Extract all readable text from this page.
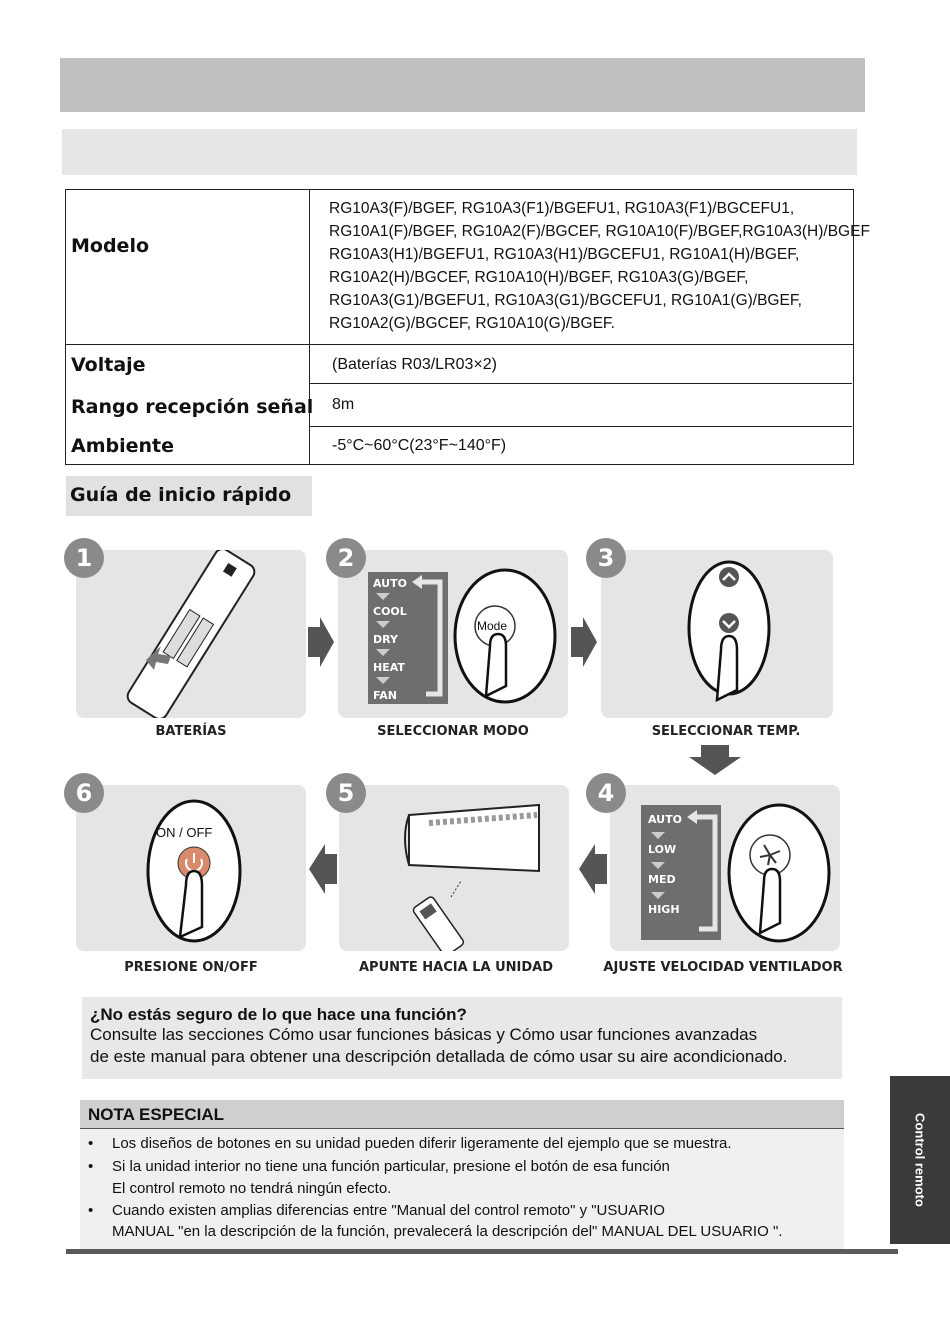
Modelo
RG10A3(F)/BGEF, RG10A3(F1)/BGEFU1, RG10A3(F1)/BGCEFU1,
RG10A1(F)/BGEF, RG10A2(F)/BGCEF, RG10A10(F)/BGEF,RG10A3(H)/BGEF
RG10A3(H1)/BGEFU1, RG10A3(H1)/BGCEFU1, RG10A1(H)/BGEF,
RG10A2(H)/BGCEF, RG10A10(H)/BGEF, RG10A3(G)/BGEF,
RG10A3(G1)/BGEFU1, RG10A3(G1)/BGCEFU1, RG10A1(G)/BGEF,
RG10A2(G)/BGCEF, RG10A10(G)/BGEF.
Voltaje	(Baterías R03/LR03×2)
Rango recepción señal 8m
Ambiente	-5°C~60°C(23°F~140°F)
Guía de inicio rápido
1
BATERÍAS
AUTO
COOL
DRY
HEAT
FAN
Mode
2
SELECCIONAR MODO
3
SELECCIONAR TEMP.
ON / OFF
6
PRESIONE ON/OFF
5
APUNTE HACIA LA UNIDAD
AUTO
LOW
MED
HIGH
4
AJUSTE VELOCIDAD VENTILADOR
¿No estás seguro de lo que hace una función?
Consulte las secciones Cómo usar funciones básicas y Cómo usar funciones avanzadas
de este manual para obtener una descripción detallada de cómo usar su aire acondicionado.
NOTA ESPECIAL
• Los diseños de botones en su unidad pueden diferir ligeramente del ejemplo que se muestra.
• Si la unidad interior no tiene una función particular, presione el botón de esa función
El control remoto no tendrá ningún efecto.
• Cuando existen amplias diferencias entre "Manual del control remoto" y "USUARIO
MANUAL "en la descripción de la función, prevalecerá la descripción del" MANUAL DEL USUARIO ".
Control remoto
